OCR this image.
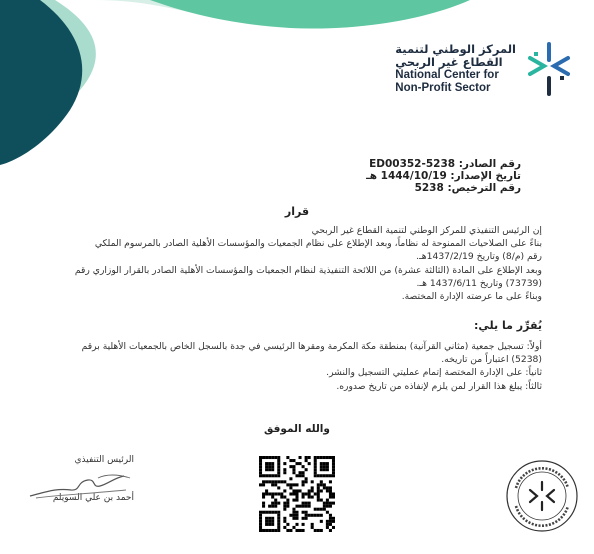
المركز الوطني لتنمية
القطاع غير الربحي
National Center for
Non-Profit Sector
رقم الصادر: ED00352-5238
تاريخ الإصدار: 1444/10/19 هـ
رقم الترخيص: 5238
قرار
إن الرئيس التنفيذي للمركز الوطني لتنمية القطاع غير الربحي
بناءً على الصلاحيات الممنوحة له نظاماً، وبعد الإطلاع على نظام الجمعيات والمؤسسات الأهلية الصادر بالمرسوم الملكي
رقم (م/8) وتاريخ 1437/2/19هـ.
وبعد الإطلاع على المادة (الثالثة عشرة) من اللائحة التنفيذية لنظام الجمعيات والمؤسسات الأهلية الصادر بالقرار الوزاري رقم
(73739) وتاريخ 1437/6/11 هـ.
وبناءً على ما عرضته الإدارة المختصة.
يُقرِّر ما يلي:
أولاً: تسجيل جمعية (مثاني القرآنية) بمنطقة مكة المكرمة ومقرها الرئيسي في جدة بالسجل الخاص بالجمعيات الأهلية برقم
(5238) اعتباراً من تاريخه.
ثانياً: على الإدارة المختصة إتمام عمليتي التسجيل والنشر.
ثالثاً: يبلغ هذا القرار لمن يلزم لإنفاذه من تاريخ صدوره.
والله الموفق
الرئيس التنفيذي
أحمد بن علي السويلم
